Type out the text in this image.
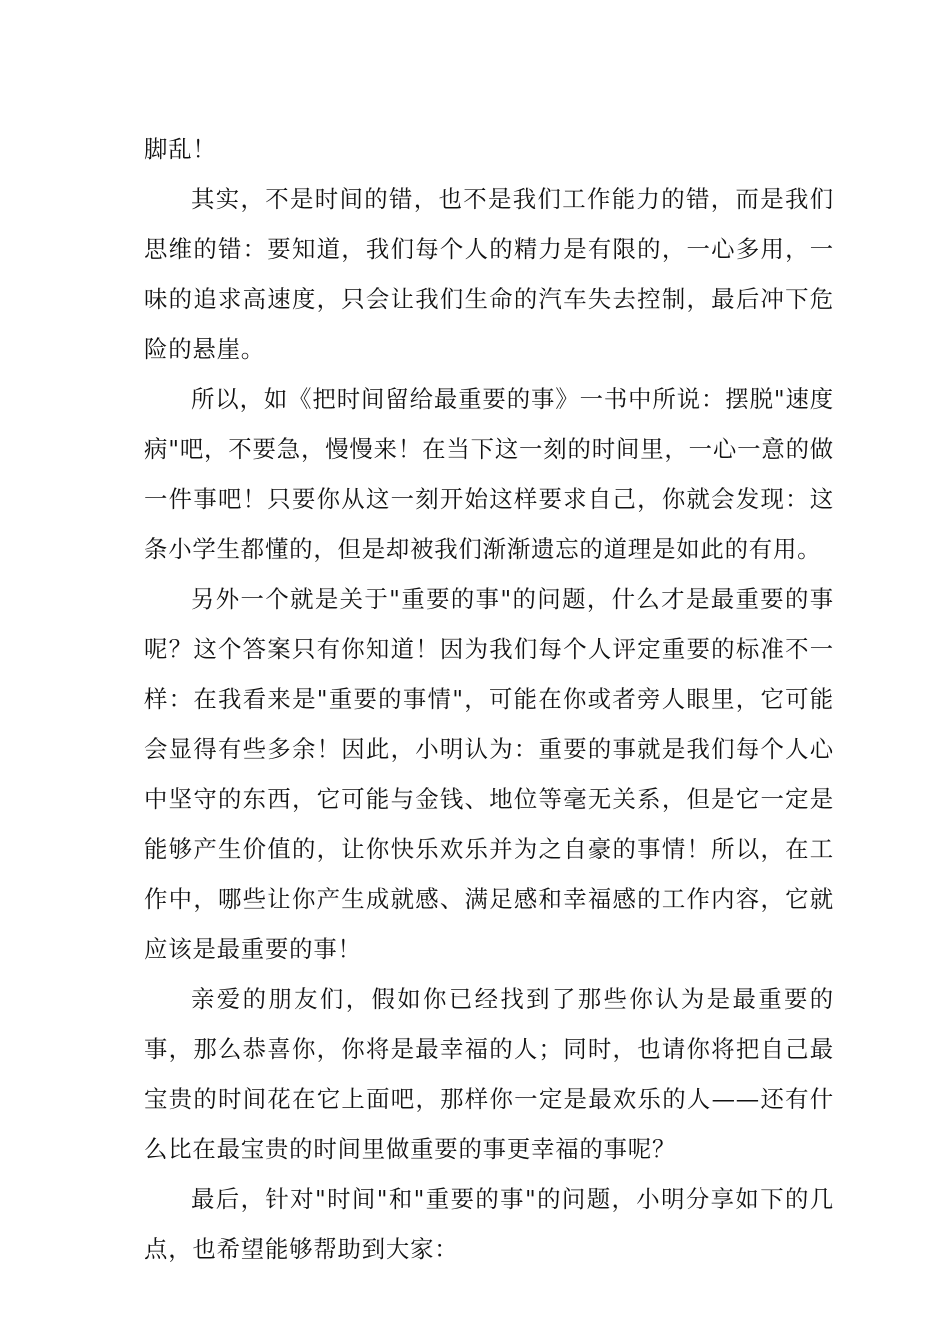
脚乱！

其实，不是时间的错，也不是我们工作能力的错，而是我们思维的错：要知道，我们每个人的精力是有限的，一心多用，一味的追求高速度，只会让我们生命的汽车失去控制，最后冲下危险的悬崖。

所以，如《把时间留给最重要的事》一书中所说：摆脱"速度病"吧，不要急，慢慢来！在当下这一刻的时间里，一心一意的做一件事吧！只要你从这一刻开始这样要求自己，你就会发现：这条小学生都懂的，但是却被我们渐渐遗忘的道理是如此的有用。

另外一个就是关于"重要的事"的问题，什么才是最重要的事呢？这个答案只有你知道！因为我们每个人评定重要的标准不一样：在我看来是"重要的事情"，可能在你或者旁人眼里，它可能会显得有些多余！因此，小明认为：重要的事就是我们每个人心中坚守的东西，它可能与金钱、地位等毫无关系，但是它一定是能够产生价值的，让你快乐欢乐并为之自豪的事情！所以，在工作中，哪些让你产生成就感、满足感和幸福感的工作内容，它就应该是最重要的事！

亲爱的朋友们，假如你已经找到了那些你认为是最重要的事，那么恭喜你，你将是最幸福的人；同时，也请你将把自己最宝贵的时间花在它上面吧，那样你一定是最欢乐的人——还有什么比在最宝贵的时间里做重要的事更幸福的事呢？

最后，针对"时间"和"重要的事"的问题，小明分享如下的几点，也希望能够帮助到大家：
